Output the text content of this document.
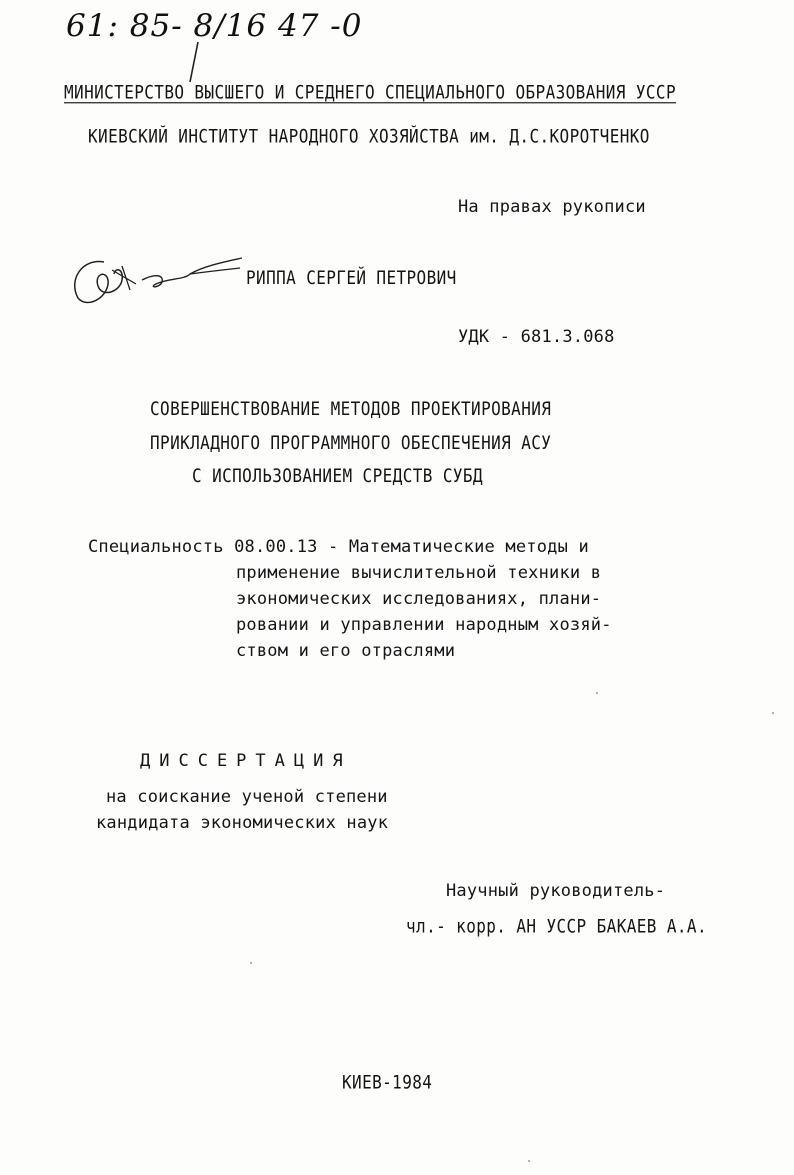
61: 85- 8/16 47 -0
МИНИСТЕРСТВО ВЫСШЕГО И СРЕДНЕГО СПЕЦИАЛЬНОГО ОБРАЗОВАНИЯ УССР
КИЕВСКИЙ ИНСТИТУТ НАРОДНОГО ХОЗЯЙСТВА им. Д.С.КОРОТЧЕНКО
На правах рукописи
РИППА СЕРГЕЙ ПЕТРОВИЧ
УДК - 681.3.068
СОВЕРШЕНСТВОВАНИЕ МЕТОДОВ ПРОЕКТИРОВАНИЯ
ПРИКЛАДНОГО ПРОГРАММНОГО ОБЕСПЕЧЕНИЯ АСУ
С ИСПОЛЬЗОВАНИЕМ СРЕДСТВ СУБД
Специальность 08.00.13 - Математические методы и
применение вычислительной техники в
экономических исследованиях, плани-
ровании и управлении народным хозяй-
ством и его отраслями
ДИССЕРТАЦИЯ
на соискание ученой степени
кандидата экономических наук
Научный руководитель-
чл.- корр. АН УССР БАКАЕВ А.А.
КИЕВ-1984
